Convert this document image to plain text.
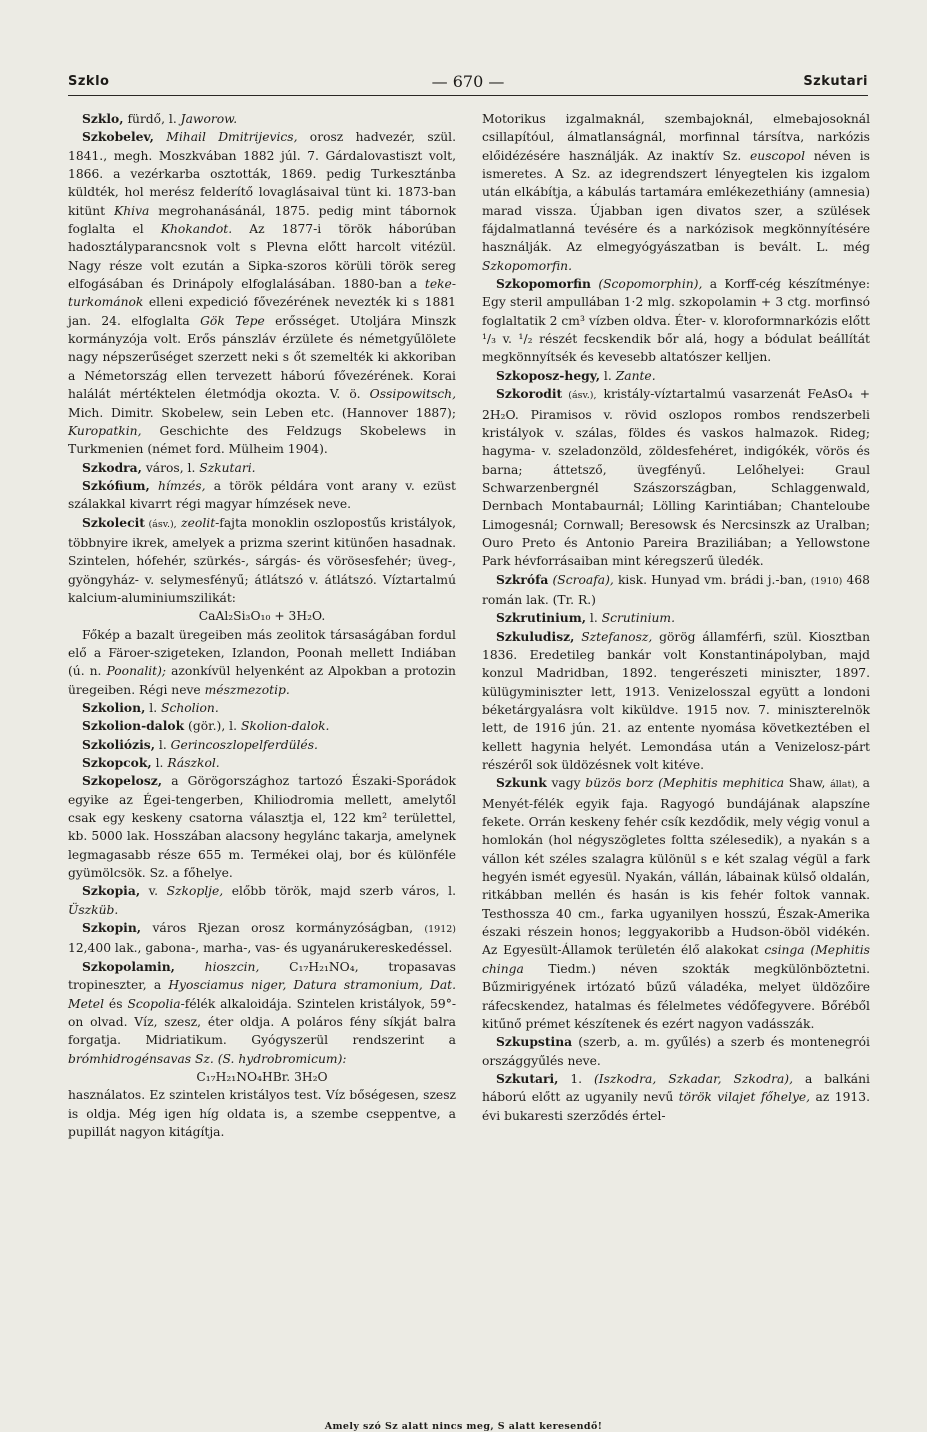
Szklo	— 670 —	Szkutari

Szklo, fürdő, l. Jaworow.

Szkobelev, Mihail Dmitrijevics, orosz hadvezér, szül. 1841., megh. Moszkvában 1882 júl. 7. Gárdalovastiszt volt, 1866. a vezérkarba osztották, 1869. pedig Turkesztánba küldték, hol merész felderítő lovaglásaival tünt ki. 1873-ban kitünt Khiva megrohanásánál, 1875. pedig mint tábornok foglalta el Khokandot. Az 1877-i török háborúban hadosztályparancsnok volt s Plevna előtt harcolt vitézül. Nagy része volt ezután a Sipka-szoros körüli török sereg elfogásában és Drinápoly elfoglalásában. 1880-ban a teke-turkománok elleni expedició fővezérének nevezték ki s 1881 jan. 24. elfoglalta Gök Tepe erősséget. Utoljára Minszk kormányzója volt. Erős pánszláv érzülete és németgyűlölete nagy népszerűséget szerzett neki s őt szemelték ki akkoriban a Németország ellen tervezett háború fővezérének. Korai halálát mértéktelen életmódja okozta. V. ö. Ossipowitsch, Mich. Dimitr. Skobelew, sein Leben etc. (Hannover 1887); Kuropatkin, Geschichte des Feldzugs Skobelews in Turkmenien (német ford. Mülheim 1904).

Szkodra, város, l. Szkutari.

Szkófium, hímzés, a török példára vont arany v. ezüst szálakkal kivarrt régi magyar hímzések neve.

Szkolecit (ásv.), zeolit-fajta monoklin oszlopostűs kristályok, többnyire ikrek, amelyek a prizma szerint kitünően hasadnak. Szintelen, hófehér, szürkés-, sárgás- és vörösesfehér; üveg-, gyöngyház- v. selymesfényű; átlátszó v. átlátszó. Víztartalmú kalcium-aluminiumszilikát:

CaAl₂Si₃O₁₀ + 3H₂O.

Főkép a bazalt üregeiben más zeolitok társaságában fordul elő a Färoer-szigeteken, Izlandon, Poonah mellett Indiában (ú. n. Poonalit); azonkívül helyenként az Alpokban a protozin üregeiben. Régi neve mészmezotip.

Szkolion, l. Scholion.

Szkolion-dalok (gör.), l. Skolion-dalok.

Szkoliózis, l. Gerincoszlopelferdülés.

Szkopcok, l. Rászkol.

Szkopelosz, a Görögországhoz tartozó Északi-Sporádok egyike az Égei-tengerben, Khiliodromia mellett, amelytől csak egy keskeny csatorna választja el, 122 km² területtel, kb. 5000 lak. Hosszában alacsony hegylánc takarja, amelynek legmagasabb része 655 m. Termékei olaj, bor és különféle gyümölcsök. Sz. a főhelye.

Szkopia, v. Szkoplje, előbb török, majd szerb város, l. Üszküb.

Szkopin, város Rjezan orosz kormányzóságban, (1912) 12,400 lak., gabona-, marha-, vas- és ugyanárukereskedéssel.

Szkopolamin, hioszcin, C₁₇H₂₁NO₄, tropasavas tropineszter, a Hyosciamus niger, Datura stramonium, Dat. Metel és Scopolia-félék alkaloidája. Szintelen kristályok, 59°-on olvad. Víz, szesz, éter oldja. A poláros fény síkját balra forgatja. Midriatikum. Gyógyszerül rendszerint a brómhidrogénsavas Sz. (S. hydrobromicum):

C₁₇H₂₁NO₄HBr. 3H₂O

használatos. Ez szintelen kristályos test. Víz bőségesen, szesz is oldja. Még igen híg oldata is, a szembe cseppentve, a pupillát nagyon kitágítja.

Motorikus izgalmaknál, szembajoknál, elmebajosoknál csillapítóul, álmatlanságnál, morfinnal társítva, narkózis előidézésére használják. Az inaktív Sz. euscopol néven is ismeretes. A Sz. az idegrendszert lényegtelen kis izgalom után elkábítja, a kábulás tartamára emlékezethiány (amnesia) marad vissza. Újabban igen divatos szer, a szülések fájdalmatlanná tevésére és a narkózisok megkönnyítésére használják. Az elmegyógyászatban is bevált. L. még Szkopomorfin.

Szkopomorfin (Scopomorphin), a Korff-cég készítménye: Egy steril ampullában 1·2 mlg. szkopolamin + 3 ctg. morfinsó foglaltatik 2 cm³ vízben oldva. Éter- v. kloroformnarkózis előtt ¹/₃ v. ¹/₂ részét fecskendik bőr alá, hogy a bódulat beállítát megkönnyítsék és kevesebb altatószer kelljen.

Szkoposz-hegy, l. Zante.

Szkorodit (ásv.), kristály-víztartalmú vasarzenát FeAsO₄ + 2H₂O. Piramisos v. rövid oszlopos rombos rendszerbeli kristályok v. szálas, földes és vaskos halmazok. Rideg; hagyma- v. szeladonzöld, zöldesfehéret, indigókék, vörös és barna; áttetsző, üvegfényű. Lelőhelyei: Graul Schwarzenbergnél Szászországban, Schlaggenwald, Dernbach Montabaurnál; Lölling Karintiában; Chanteloube Limogesnál; Cornwall; Beresowsk és Nercsinszk az Uralban; Ouro Preto és Antonio Pareira Braziliában; a Yellowstone Park hévforrásaiban mint kéregszerű üledék.

Szkrófa (Scroafa), kisk. Hunyad vm. brádi j.-ban, (1910) 468 román lak. (Tr. R.)

Szkrutinium, l. Scrutinium.

Szkuludisz, Sztefanosz, görög államférfi, szül. Kiosztban 1836. Eredetileg bankár volt Konstantinápolyban, majd konzul Madridban, 1892. tengerészeti miniszter, 1897. külügyminiszter lett, 1913. Venizelosszal együtt a londoni béketárgyalásra volt kiküldve. 1915 nov. 7. miniszterelnök lett, de 1916 jún. 21. az entente nyomása következtében el kellett hagynia helyét. Lemondása után a Venizelosz-párt részéről sok üldözésnek volt kitéve.

Szkunk vagy büzös borz (Mephitis mephitica Shaw, állat), a Menyét-félék egyik faja. Ragyogó bundájának alapszíne fekete. Orrán keskeny fehér csík kezdődik, mely végig vonul a homlokán (hol négyszögletes foltta szélesedik), a nyakán s a vállon két széles szalagra különül s e két szalag végül a fark hegyén ismét egyesül. Nyakán, vállán, lábainak külső oldalán, ritkábban mellén és hasán is kis fehér foltok vannak. Testhossza 40 cm., farka ugyanilyen hosszú, Észak-Amerika északi részein honos; leggyakoribb a Hudson-öböl vidékén. Az Egyesült-Államok területén élő alakokat csinga (Mephitis chinga Tiedm.) néven szokták megkülönböztetni. Bűzmirigyének irtózató bűzű váladéka, melyet üldözőire ráfecskendez, hatalmas és félelmetes védőfegyvere. Bőréből kitűnő prémet készítenek és ezért nagyon vadásszák.

Szkupstina (szerb, a. m. gyűlés) a szerb és montenegrói országgyűlés neve.

Szkutari, 1. (Iszkodra, Szkadar, Szkodra), a balkáni háború előtt az ugyanily nevű török vilajet főhelye, az 1913. évi bukaresti szerződés értel-

Amely szó Sz alatt nincs meg, S alatt keresendő!
